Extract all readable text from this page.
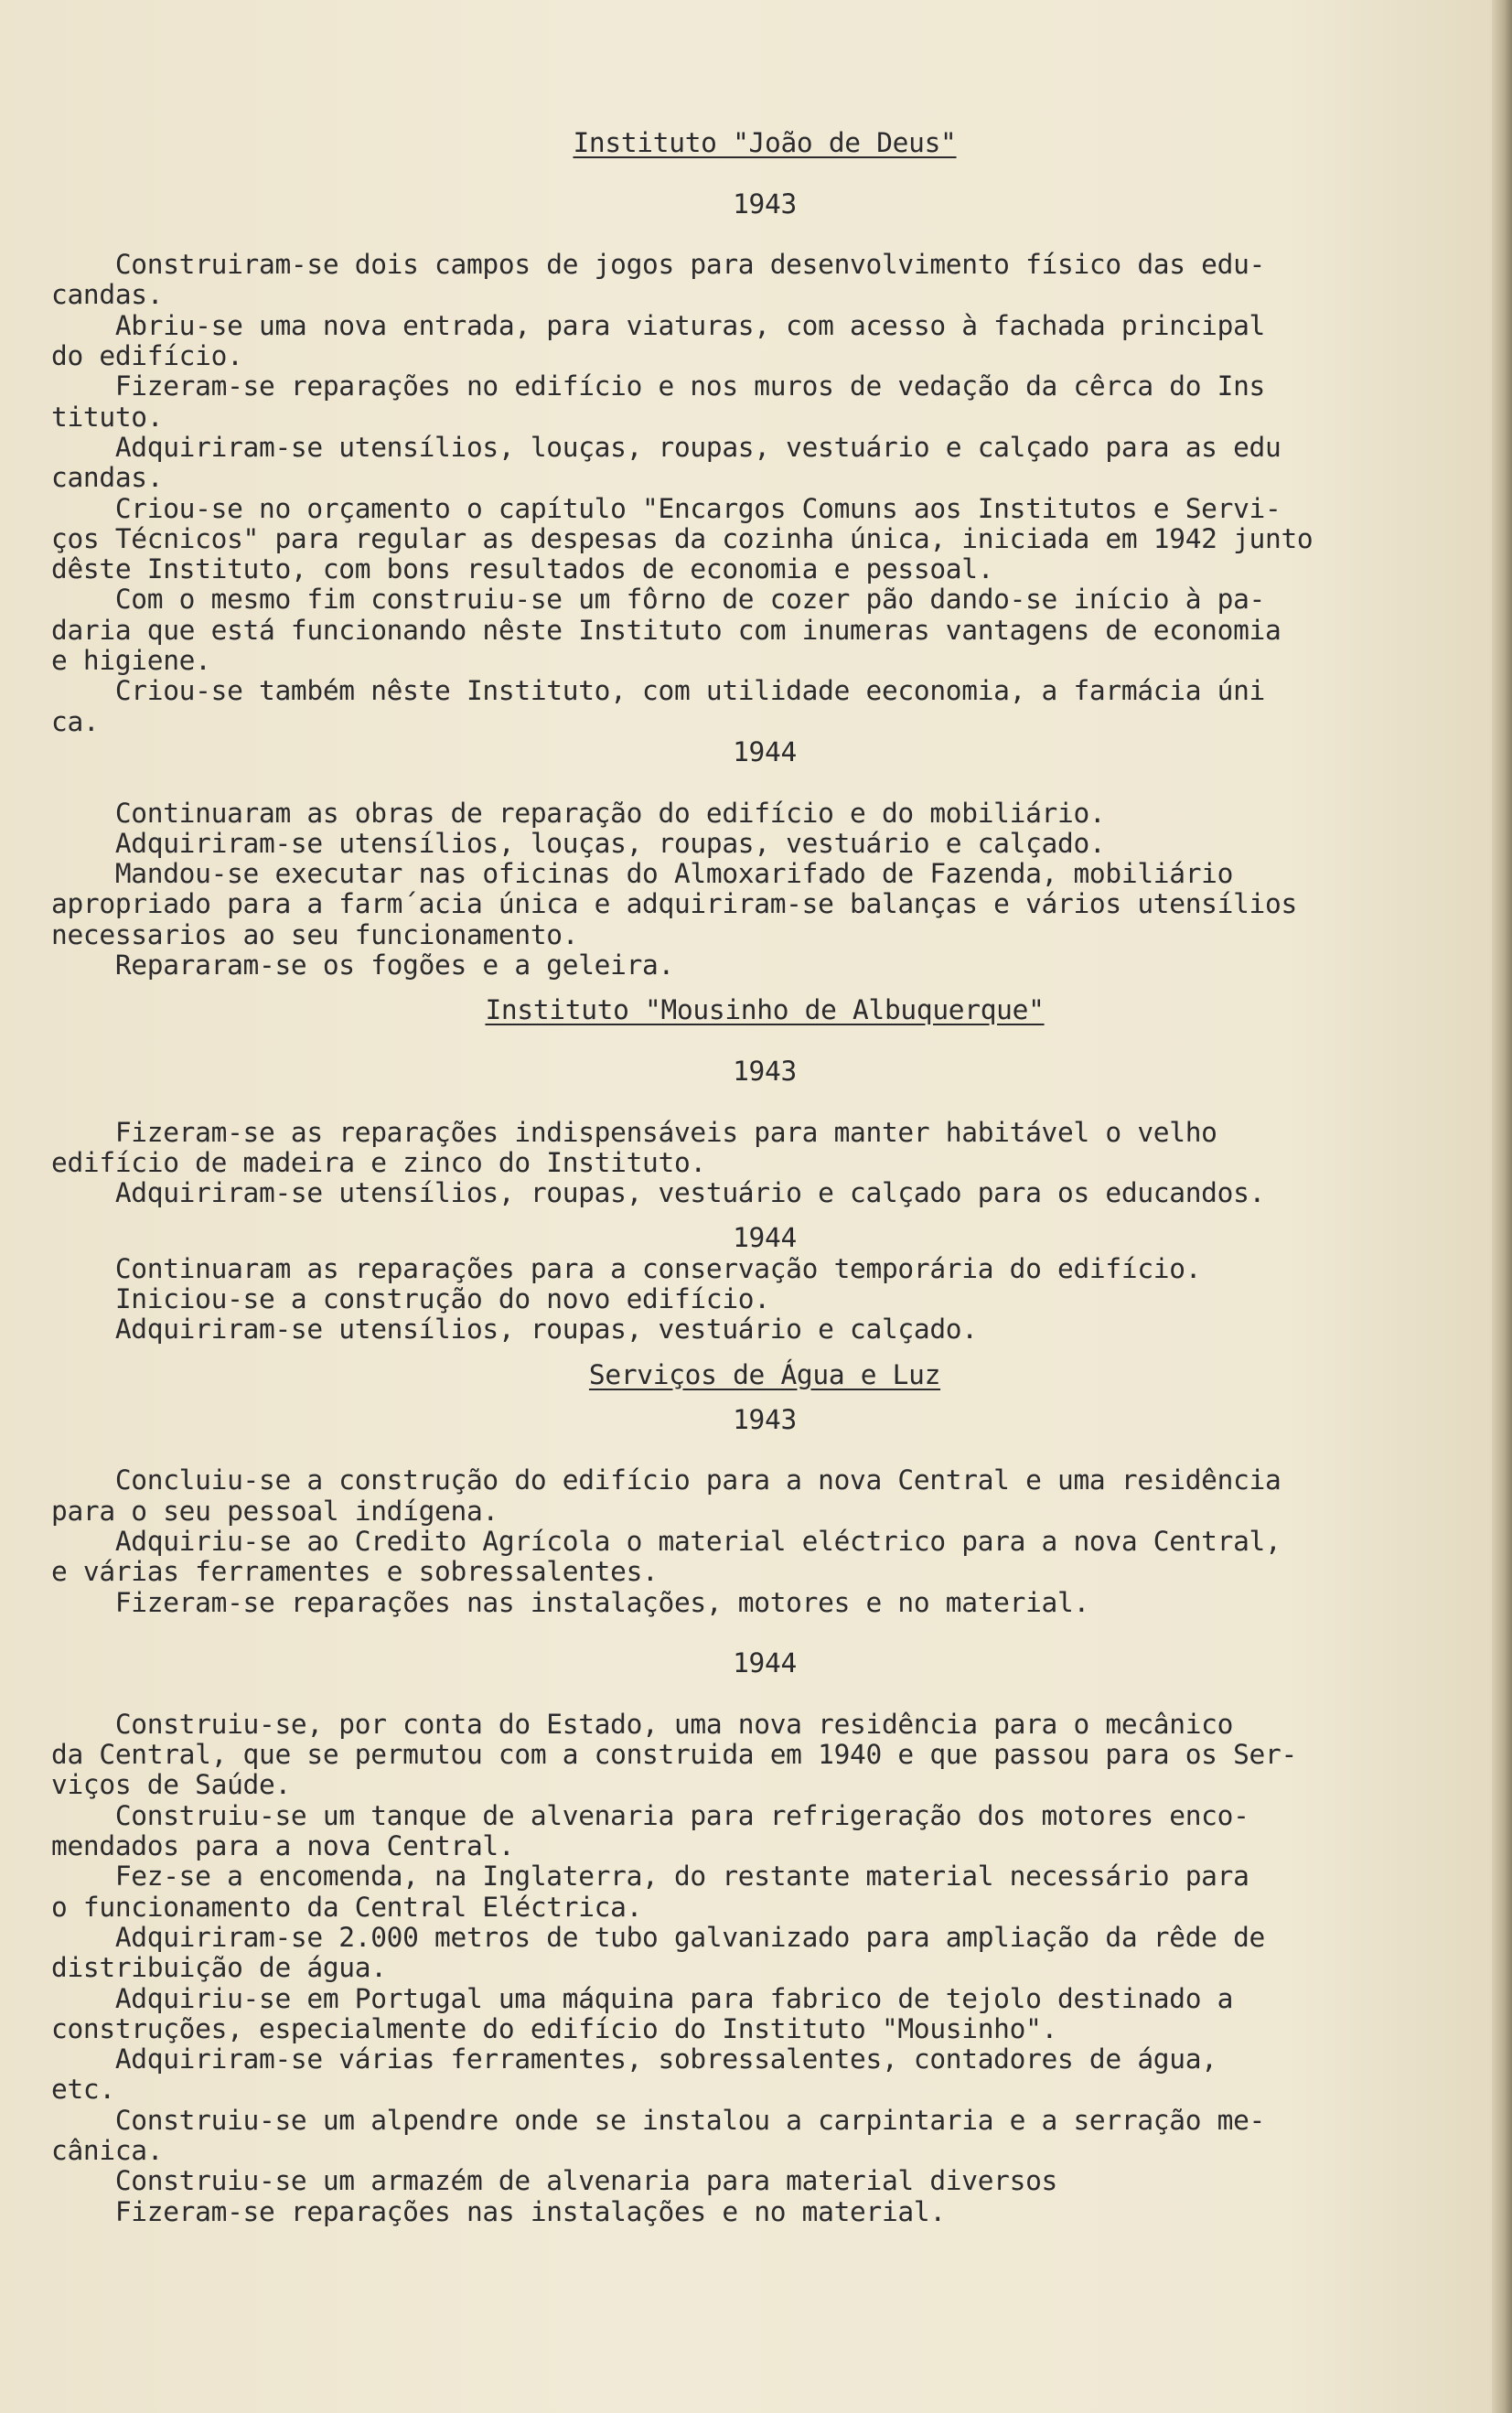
Instituto "João de Deus"
1943
Construiram-se dois campos de jogos para desenvolvimento físico das edu-
candas.
Abriu-se uma nova entrada, para viaturas, com acesso à fachada principal
do edifício.
Fizeram-se reparações no edifício e nos muros de vedação da cêrca do Ins
tituto.
Adquiriram-se utensílios, louças, roupas, vestuário e calçado para as edu
candas.
Criou-se no orçamento o capítulo "Encargos Comuns aos Institutos e Servi-
ços Técnicos" para regular as despesas da cozinha única, iniciada em 1942 junto
dêste Instituto, com bons resultados de economia e pessoal.
Com o mesmo fim construiu-se um fôrno de cozer pão dando-se início à pa-
daria que está funcionando nêste Instituto com inumeras vantagens de economia
e higiene.
Criou-se também nêste Instituto, com utilidade eeconomia, a farmácia úni
ca.
1944
Continuaram as obras de reparação do edifício e do mobiliário.
Adquiriram-se utensílios, louças, roupas, vestuário e calçado.
Mandou-se executar nas oficinas do Almoxarifado de Fazenda, mobiliário
apropriado para a farm´acia única e adquiriram-se balanças e vários utensílios
necessarios ao seu funcionamento.
Repararam-se os fogões e a geleira.
Instituto "Mousinho de Albuquerque"
1943
Fizeram-se as reparações indispensáveis para manter habitável o velho
edifício de madeira e zinco do Instituto.
Adquiriram-se utensílios, roupas, vestuário e calçado para os educandos.
1944
Continuaram as reparações para a conservação temporária do edifício.
Iniciou-se a construção do novo edifício.
Adquiriram-se utensílios, roupas, vestuário e calçado.
Serviços de Água e Luz
1943
Concluiu-se a construção do edifício para a nova Central e uma residência
para o seu pessoal indígena.
Adquiriu-se ao Credito Agrícola o material eléctrico para a nova Central,
e várias ferramentes e sobressalentes.
Fizeram-se reparações nas instalações, motores e no material.
1944
Construiu-se, por conta do Estado, uma nova residência para o mecânico
da Central, que se permutou com a construida em 1940 e que passou para os Ser-
viços de Saúde.
Construiu-se um tanque de alvenaria para refrigeração dos motores enco-
mendados para a nova Central.
Fez-se a encomenda, na Inglaterra, do restante material necessário para
o funcionamento da Central Eléctrica.
Adquiriram-se 2.000 metros de tubo galvanizado para ampliação da rêde de
distribuição de água.
Adquiriu-se em Portugal uma máquina para fabrico de tejolo destinado a
construções, especialmente do edifício do Instituto "Mousinho".
Adquiriram-se várias ferramentes, sobressalentes, contadores de água,
etc.
Construiu-se um alpendre onde se instalou a carpintaria e a serração me-
cânica.
Construiu-se um armazém de alvenaria para material diversos
Fizeram-se reparações nas instalações e no material.
